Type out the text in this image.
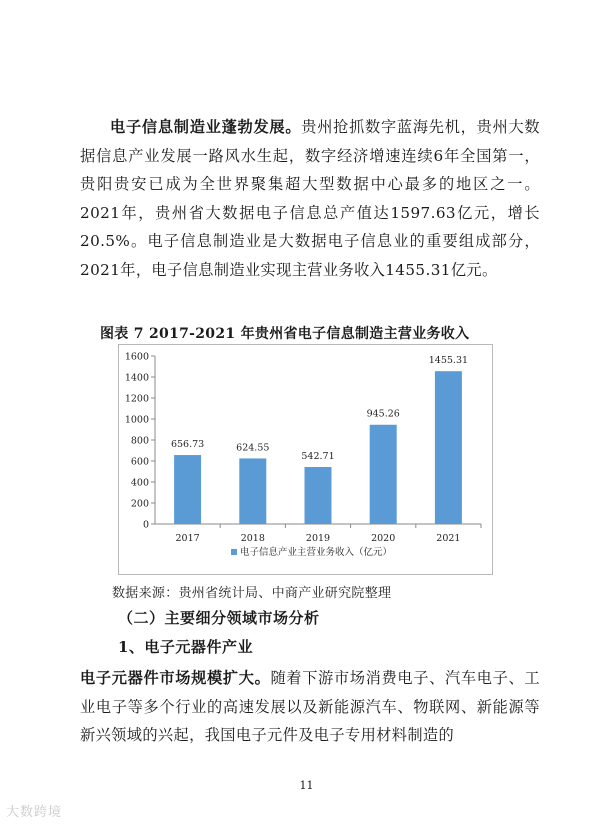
电子信息制造业蓬勃发展。贵州抢抓数字蓝海先机，贵州大数据信息产业发展一路风水生起，数字经济增速连续6年全国第一，贵阳贵安已成为全世界聚集超大型数据中心最多的地区之一。2021年，贵州省大数据电子信息总产值达1597.63亿元，增长20.5%。电子信息制造业是大数据电子信息业的重要组成部分，2021年，电子信息制造业实现主营业务收入1455.31亿元。

图表 7 2017-2021 年贵州省电子信息制造主营业务收入
0
200
400
600
800
1000
1200
1400
1600
656.73
2017
624.55
2018
542.71
2019
945.26
2020
1455.31
2021
电子信息产业主营业务收入（亿元）
数据来源：贵州省统计局、中商产业研究院整理
（二）主要细分领域市场分析
1、电子元器件产业

电子元器件市场规模扩大。随着下游市场消费电子、汽车电子、工业电子等多个行业的高速发展以及新能源汽车、物联网、新能源等新兴领域的兴起，我国电子元件及电子专用材料制造的

11
大数跨境
